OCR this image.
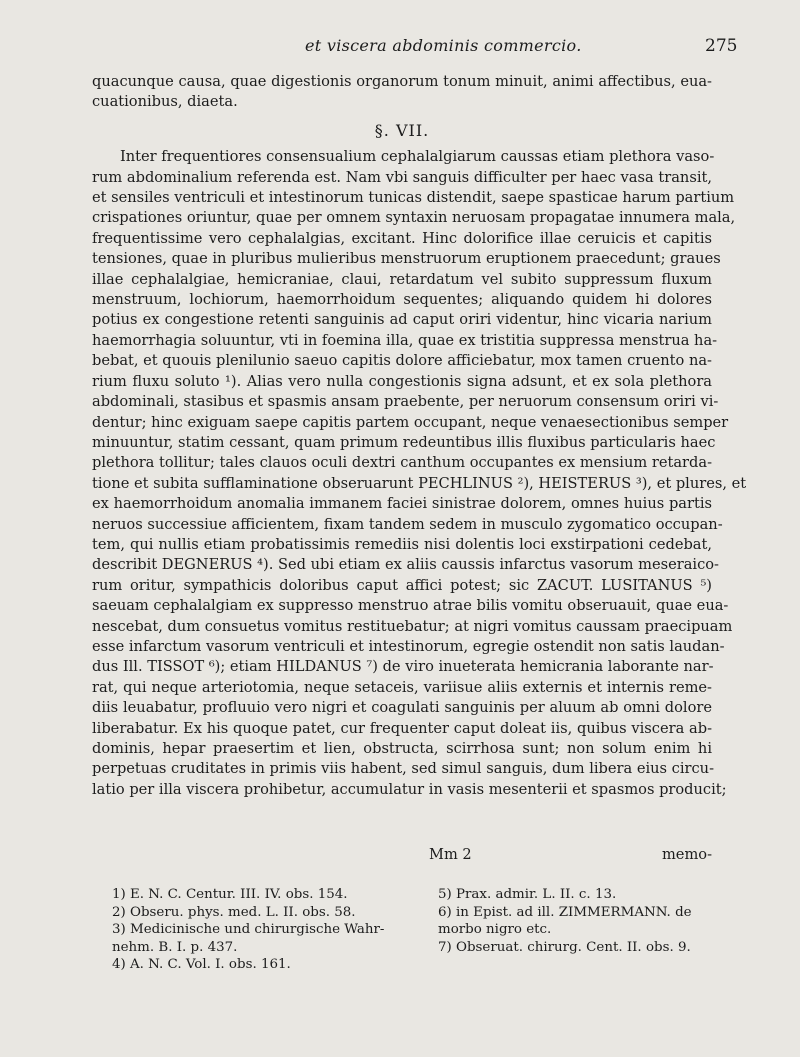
et viscera abdominis commercio.	275
quacunque causa, quae digestionis organorum tonum minuit, animi affectibus, eua-
cuationibus, diaeta.
§. VII.
Inter frequentiores consensualium cephalalgiarum caussas etiam plethora vaso-
rum abdominalium referenda est. Nam vbi sanguis difficulter per haec vasa transit,
et sensiles ventriculi et intestinorum tunicas distendit, saepe spasticae harum partium
crispationes oriuntur, quae per omnem syntaxin neruosam propagatae innumera mala,
frequentissime vero cephalalgias, excitant. Hinc dolorifice illae ceruicis et capitis
tensiones, quae in pluribus mulieribus menstruorum eruptionem praecedunt; graues
illae cephalalgiae, hemicraniae, claui, retardatum vel subito suppressum fluxum
menstruum, lochiorum, haemorrhoidum sequentes; aliquando quidem hi dolores
potius ex congestione retenti sanguinis ad caput oriri videntur, hinc vicaria narium
haemorrhagia soluuntur, vti in foemina illa, quae ex tristitia suppressa menstrua ha-
bebat, et quouis plenilunio saeuo capitis dolore afficiebatur, mox tamen cruento na-
rium fluxu soluto ¹). Alias vero nulla congestionis signa adsunt, et ex sola plethora
abdominali, stasibus et spasmis ansam praebente, per neruorum consensum oriri vi-
dentur; hinc exiguam saepe capitis partem occupant, neque venaesectionibus semper
minuuntur, statim cessant, quam primum redeuntibus illis fluxibus particularis haec
plethora tollitur; tales clauos oculi dextri canthum occupantes ex mensium retarda-
tione et subita sufflaminatione obseruarunt PECHLINUS ²), HEISTERUS ³), et plures, et
ex haemorrhoidum anomalia immanem faciei sinistrae dolorem, omnes huius partis
neruos successiue afficientem, fixam tandem sedem in musculo zygomatico occupan-
tem, qui nullis etiam probatissimis remediis nisi dolentis loci exstirpationi cedebat,
describit DEGNERUS ⁴). Sed ubi etiam ex aliis caussis infarctus vasorum meseraico-
rum oritur, sympathicis doloribus caput affici potest; sic ZACUT. LUSITANUS ⁵)
saeuam cephalalgiam ex suppresso menstruo atrae bilis vomitu obseruauit, quae eua-
nescebat, dum consuetus vomitus restituebatur; at nigri vomitus caussam praecipuam
esse infarctum vasorum ventriculi et intestinorum, egregie ostendit non satis laudan-
dus Ill. TISSOT ⁶); etiam HILDANUS ⁷) de viro inueterata hemicrania laborante nar-
rat, qui neque arteriotomia, neque setaceis, variisue aliis externis et internis reme-
diis leuabatur, profluuio vero nigri et coagulati sanguinis per aluum ab omni dolore
liberabatur. Ex his quoque patet, cur frequenter caput doleat iis, quibus viscera ab-
dominis, hepar praesertim et lien, obstructa, scirrhosa sunt; non solum enim hi
perpetuas cruditates in primis viis habent, sed simul sanguis, dum libera eius circu-
latio per illa viscera prohibetur, accumulatur in vasis mesenterii et spasmos producit;
Mm 2	memo-
1) E. N. C. Centur. III. IV. obs. 154.
2) Obseru. phys. med. L. II. obs. 58.
3) Medicinische und chirurgische Wahr-
nehm. B. I. p. 437.
4) A. N. C. Vol. I. obs. 161.
5) Prax. admir. L. II. c. 13.
6) in Epist. ad ill. ZIMMERMANN. de
morbo nigro etc.
7) Obseruat. chirurg. Cent. II. obs. 9.
